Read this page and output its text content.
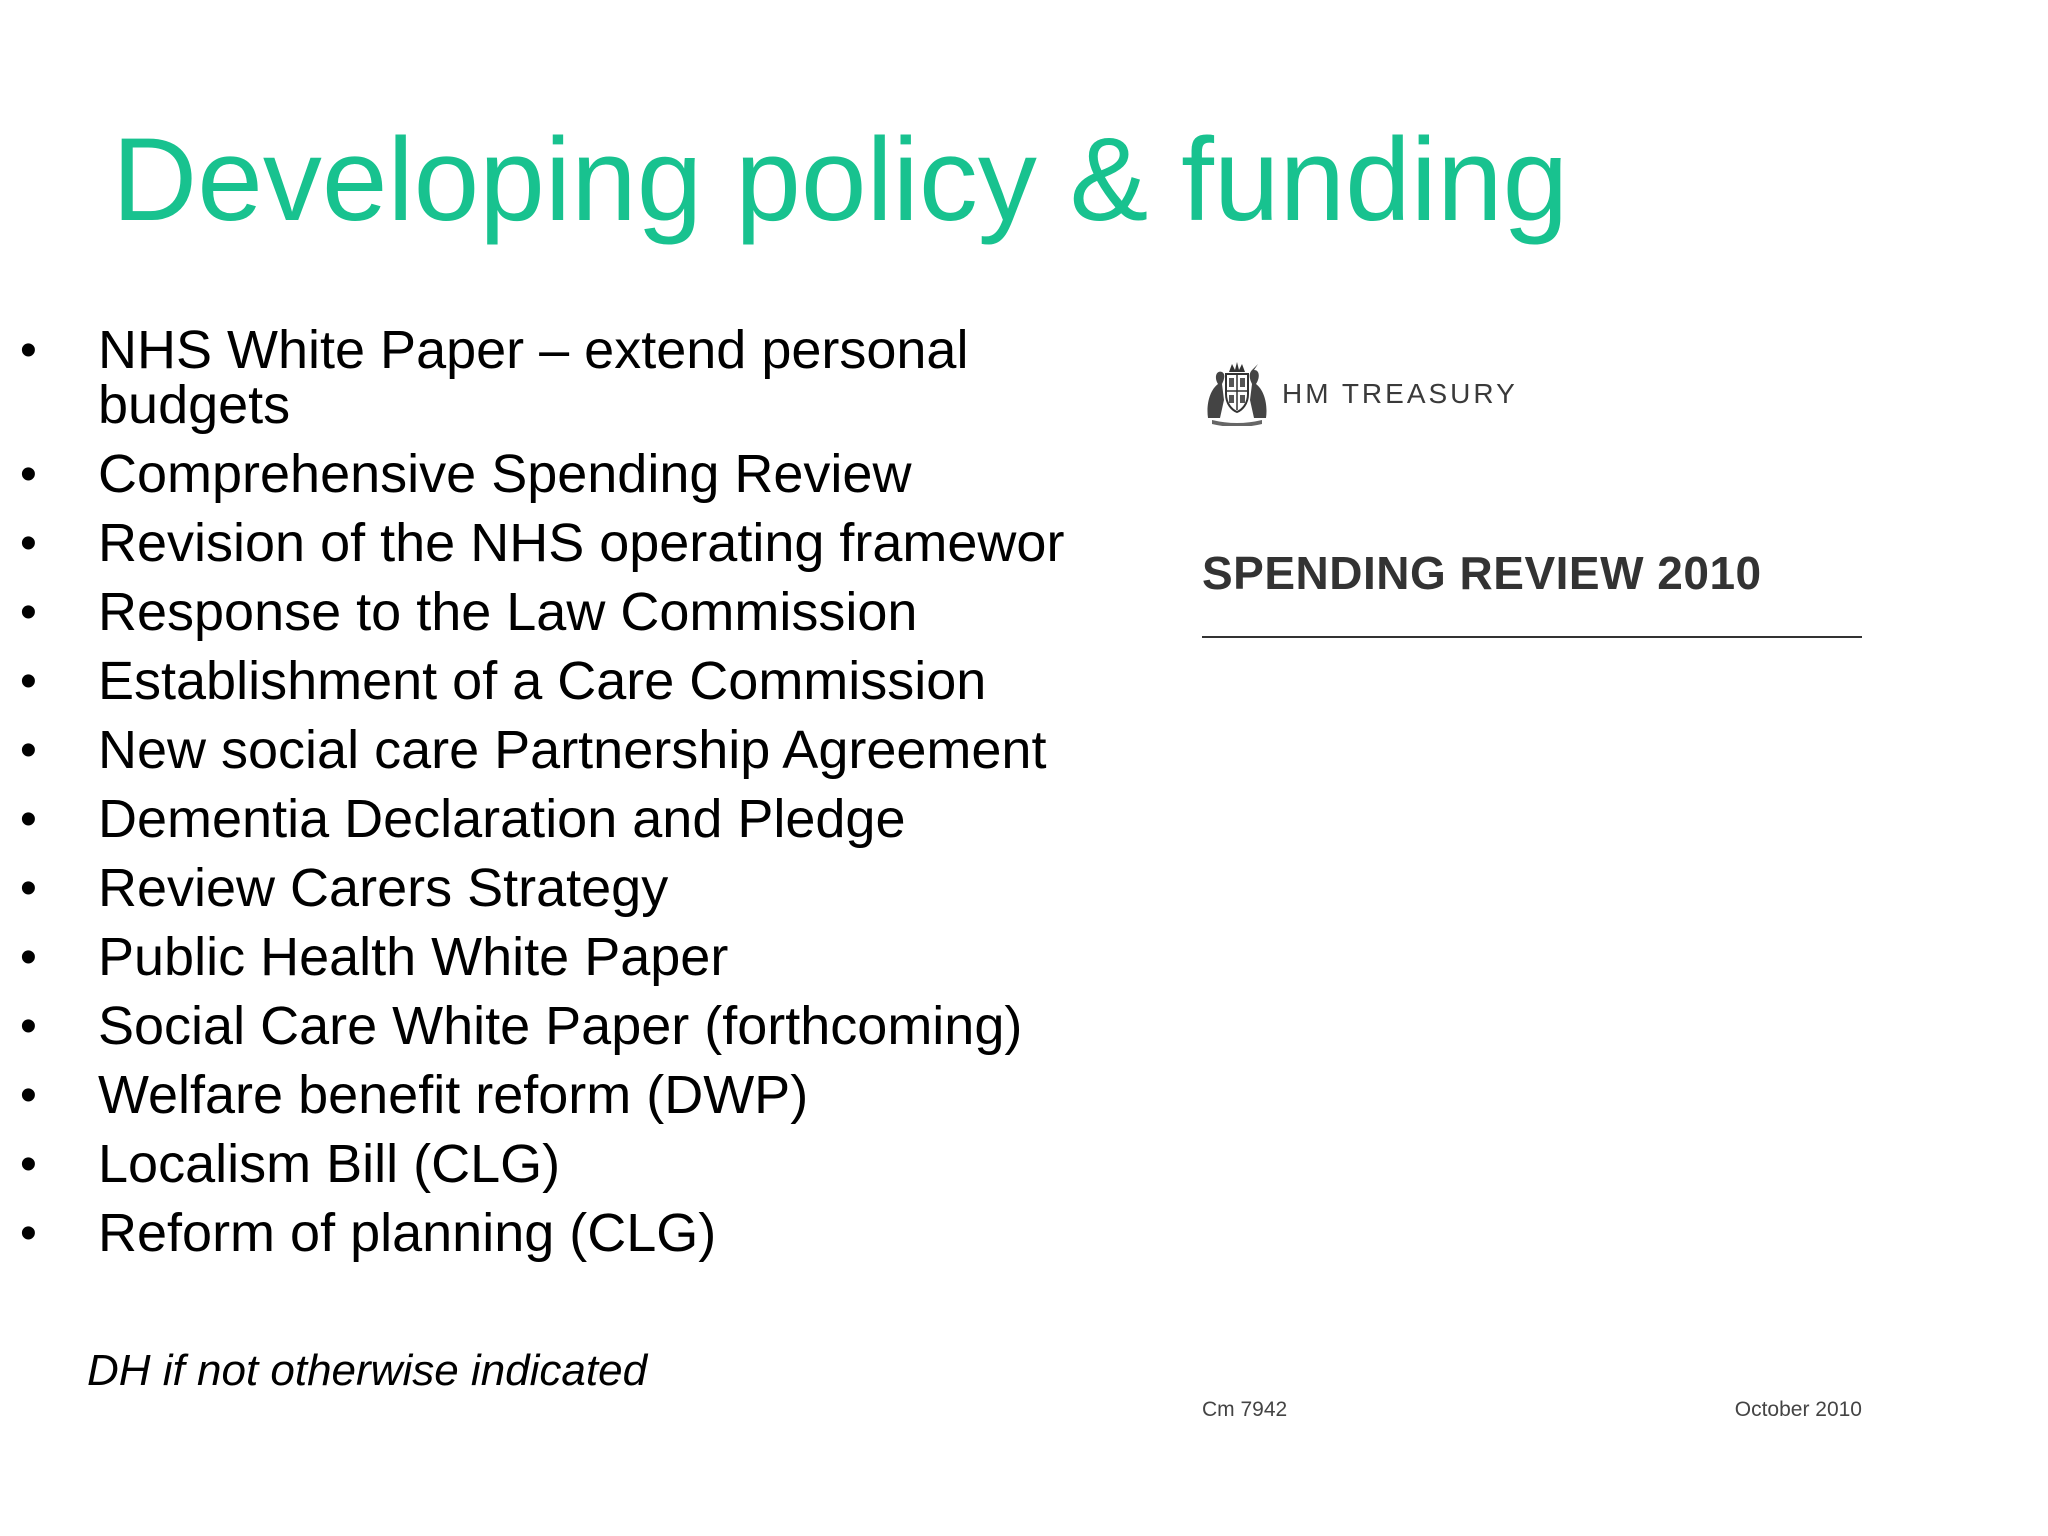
Developing policy & funding
•	NHS White Paper – extend personal
budgets
•	Comprehensive Spending Review
•	Revision of the NHS operating framewor
•	Response to the Law Commission
•	Establishment of a Care Commission
•	New social care Partnership Agreement
•	Dementia Declaration and Pledge
•	Review Carers Strategy
•	Public Health White Paper
•	Social Care White Paper (forthcoming)
•	Welfare benefit reform (DWP)
•	Localism Bill (CLG)
•	Reform of planning (CLG)
DH if not otherwise indicated
HM TREASURY
SPENDING REVIEW 2010
Cm 7942	October 2010
